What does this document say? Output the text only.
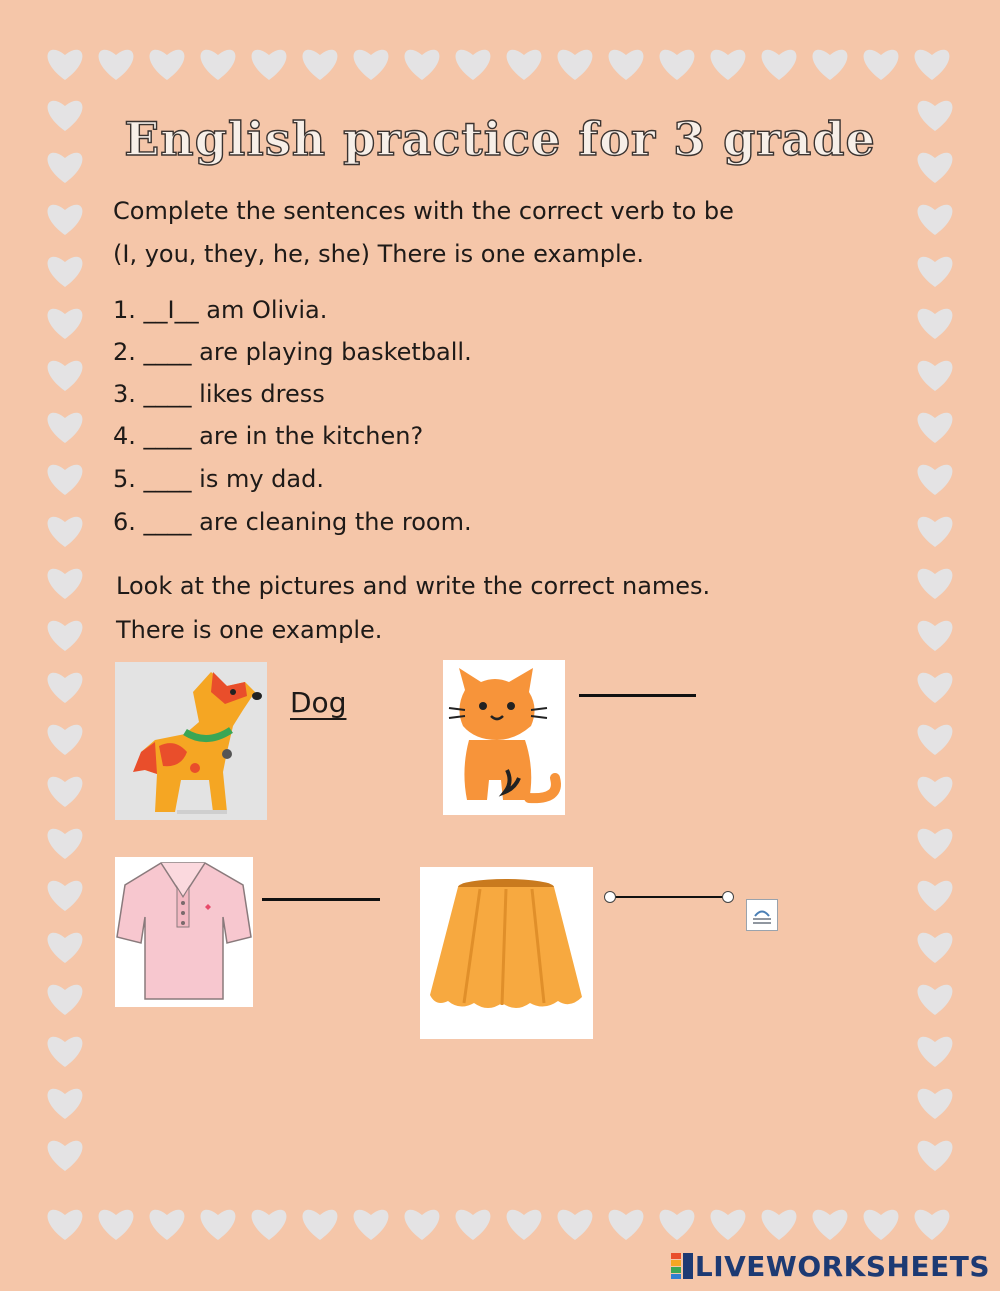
English practice for 3 grade
Complete the sentences with the correct verb to be
(I, you, they, he, she) There is one example.
1. __I__ am Olivia.
2. ____ are playing basketball.
3. ____ likes dress
4. ____ are in the kitchen?
5. ____ is my dad.
6. ____ are cleaning the room.
Look at the pictures and write the correct names.
There is one example.
Dog
LIVEWORKSHEETS
